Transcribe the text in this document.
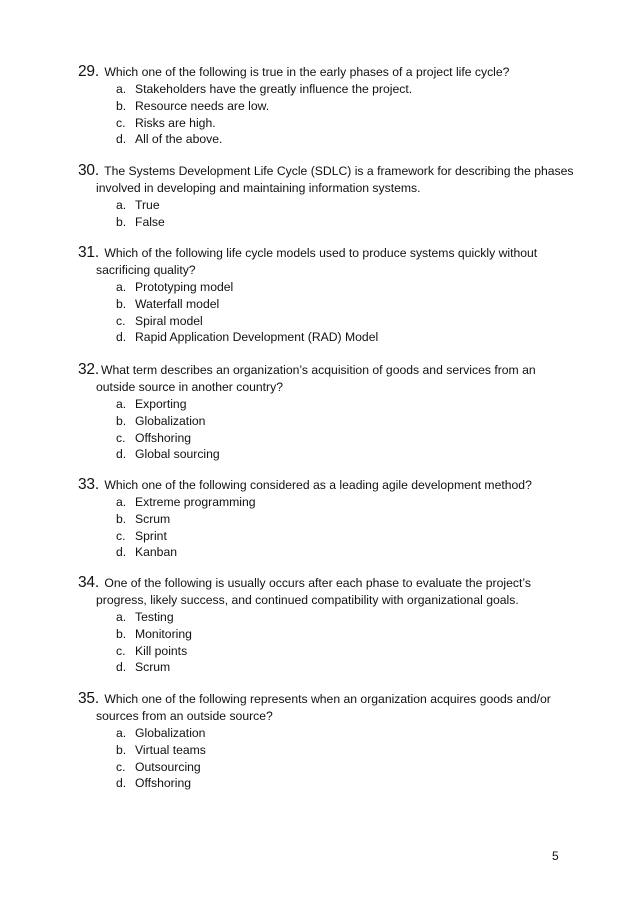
29. Which one of the following is true in the early phases of a project life cycle?

a. Stakeholders have the greatly influence the project.
b. Resource needs are low.
c. Risks are high.
d. All of the above.

30. The Systems Development Life Cycle (SDLC) is a framework for describing the phases involved in developing and maintaining information systems.

a. True
b. False

31. Which of the following life cycle models used to produce systems quickly without sacrificing quality?

a. Prototyping model
b. Waterfall model
c. Spiral model
d. Rapid Application Development (RAD) Model

32. What term describes an organization’s acquisition of goods and services from an outside source in another country?

a. Exporting
b. Globalization
c. Offshoring
d. Global sourcing

33. Which one of the following considered as a leading agile development method?

a. Extreme programming
b. Scrum
c. Sprint
d. Kanban

34. One of the following is usually occurs after each phase to evaluate the project’s progress, likely success, and continued compatibility with organizational goals.

a. Testing
b. Monitoring
c. Kill points
d. Scrum

35. Which one of the following represents when an organization acquires goods and/or sources from an outside source?

a. Globalization
b. Virtual teams
c. Outsourcing
d. Offshoring
5
